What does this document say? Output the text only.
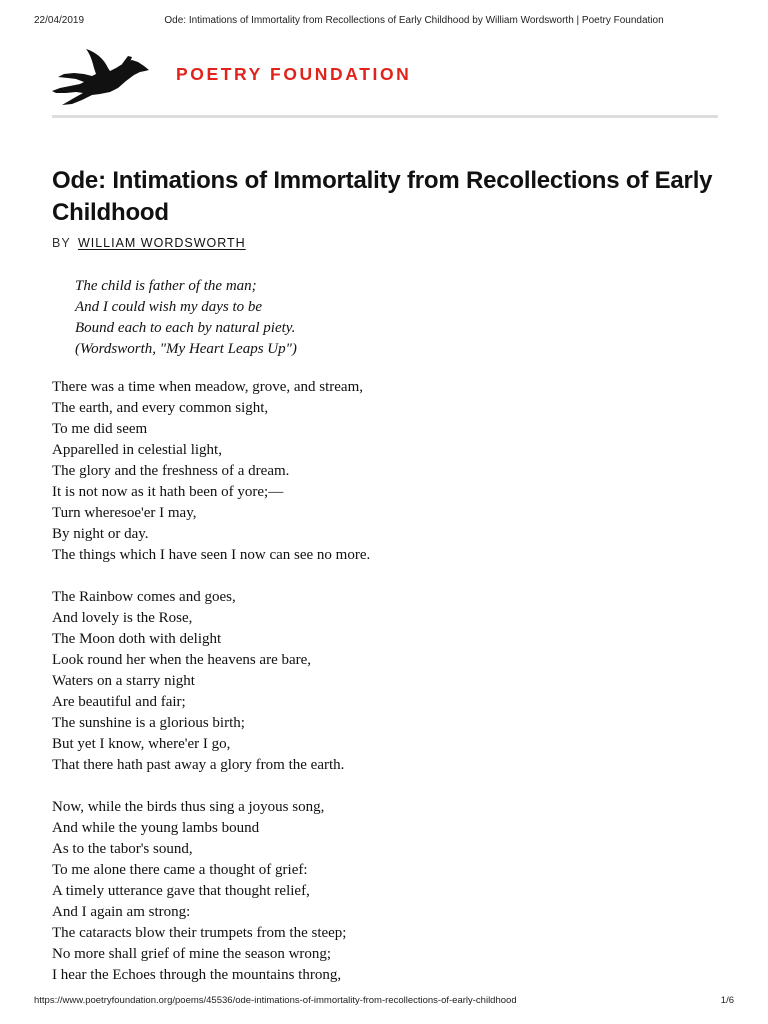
22/04/2019	Ode: Intimations of Immortality from Recollections of Early Childhood by William Wordsworth | Poetry Foundation
POETRY FOUNDATION
Ode: Intimations of Immortality from Recollections of Early Childhood
BY WILLIAM WORDSWORTH
The child is father of the man;
And I could wish my days to be
Bound each to each by natural piety.
(Wordsworth, "My Heart Leaps Up")
There was a time when meadow, grove, and stream,
The earth, and every common sight,
To me did seem
Apparelled in celestial light,
The glory and the freshness of a dream.
It is not now as it hath been of yore;—
Turn wheresoe'er I may,
By night or day.
The things which I have seen I now can see no more.
The Rainbow comes and goes,
And lovely is the Rose,
The Moon doth with delight
Look round her when the heavens are bare,
Waters on a starry night
Are beautiful and fair;
The sunshine is a glorious birth;
But yet I know, where'er I go,
That there hath past away a glory from the earth.
Now, while the birds thus sing a joyous song,
And while the young lambs bound
As to the tabor's sound,
To me alone there came a thought of grief:
A timely utterance gave that thought relief,
And I again am strong:
The cataracts blow their trumpets from the steep;
No more shall grief of mine the season wrong;
I hear the Echoes through the mountains throng,
https://www.poetryfoundation.org/poems/45536/ode-intimations-of-immortality-from-recollections-of-early-childhood	1/6
